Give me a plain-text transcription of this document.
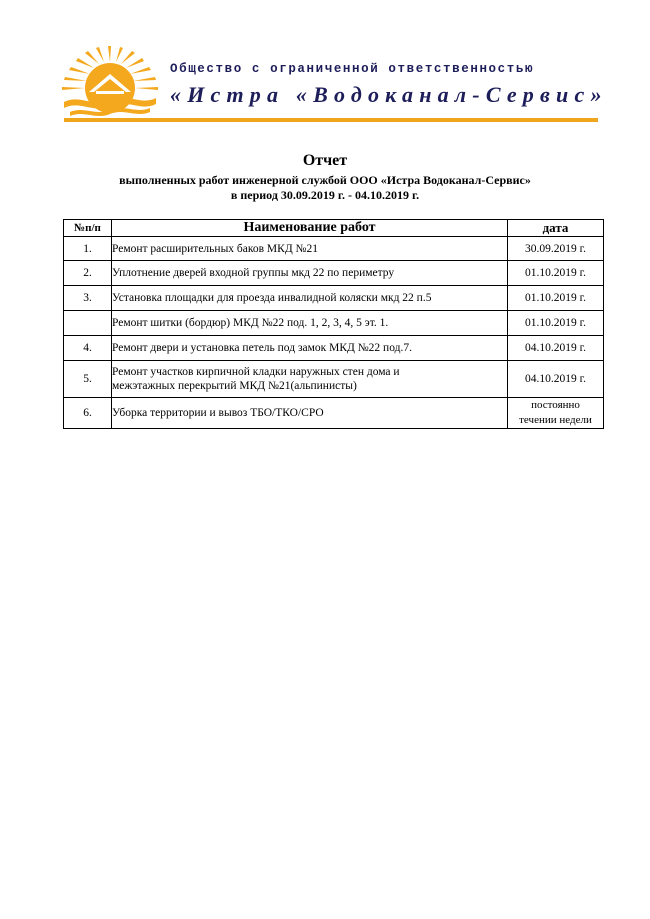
Общество с ограниченной ответственностью
«Истра «Водоканал-Сервис»
Отчет
выполненных работ инженерной службой ООО «Истра Водоканал-Сервис»
в период 30.09.2019 г. - 04.10.2019 г.
№п/п	Наименование работ	дата
1.	Ремонт расширительных баков МКД №21	30.09.2019 г.
2.	Уплотнение дверей входной группы мкд 22 по периметру	01.10.2019 г.
3.	Установка площадки для проезда инвалидной коляски мкд 22 п.5	01.10.2019 г.
	Ремонт шитки (бордюр) МКД №22 под. 1, 2, 3, 4, 5 эт. 1.	01.10.2019 г.
4.	Ремонт двери и установка петель под замок МКД №22 под.7.	04.10.2019 г.
5.	Ремонт участков кирпичной кладки наружных стен дома и
межэтажных перекрытий МКД №21(альпинисты)	04.10.2019 г.
6.	Уборка территории и вывоз ТБО/ТКО/СРО	постоянно
течении недели
